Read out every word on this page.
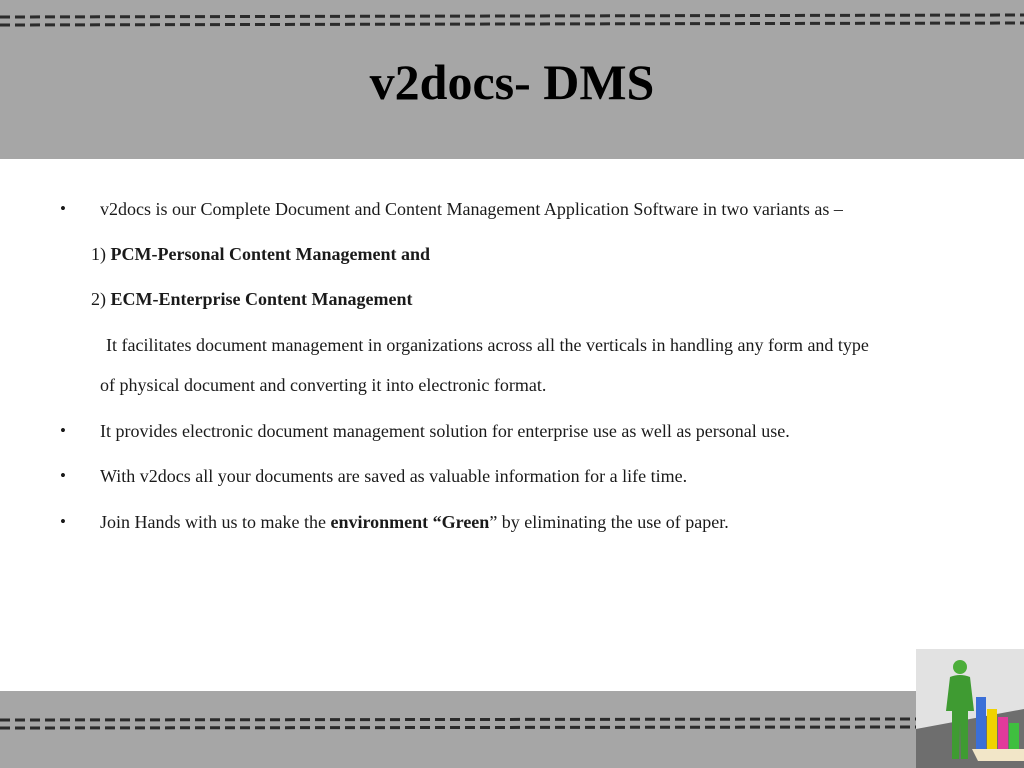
v2docs- DMS
• v2docs is our Complete Document and Content Management Application Software in two variants as –
1) PCM-Personal Content Management and
2) ECM-Enterprise Content Management
It facilitates document management in organizations across all the verticals in handling any form and type
of physical document and converting it into electronic format.
• It provides electronic document management solution for enterprise use as well as personal use.
• With v2docs all your documents are saved as valuable information for a life time.
• Join Hands with us to make the environment “Green” by eliminating the use of paper.
